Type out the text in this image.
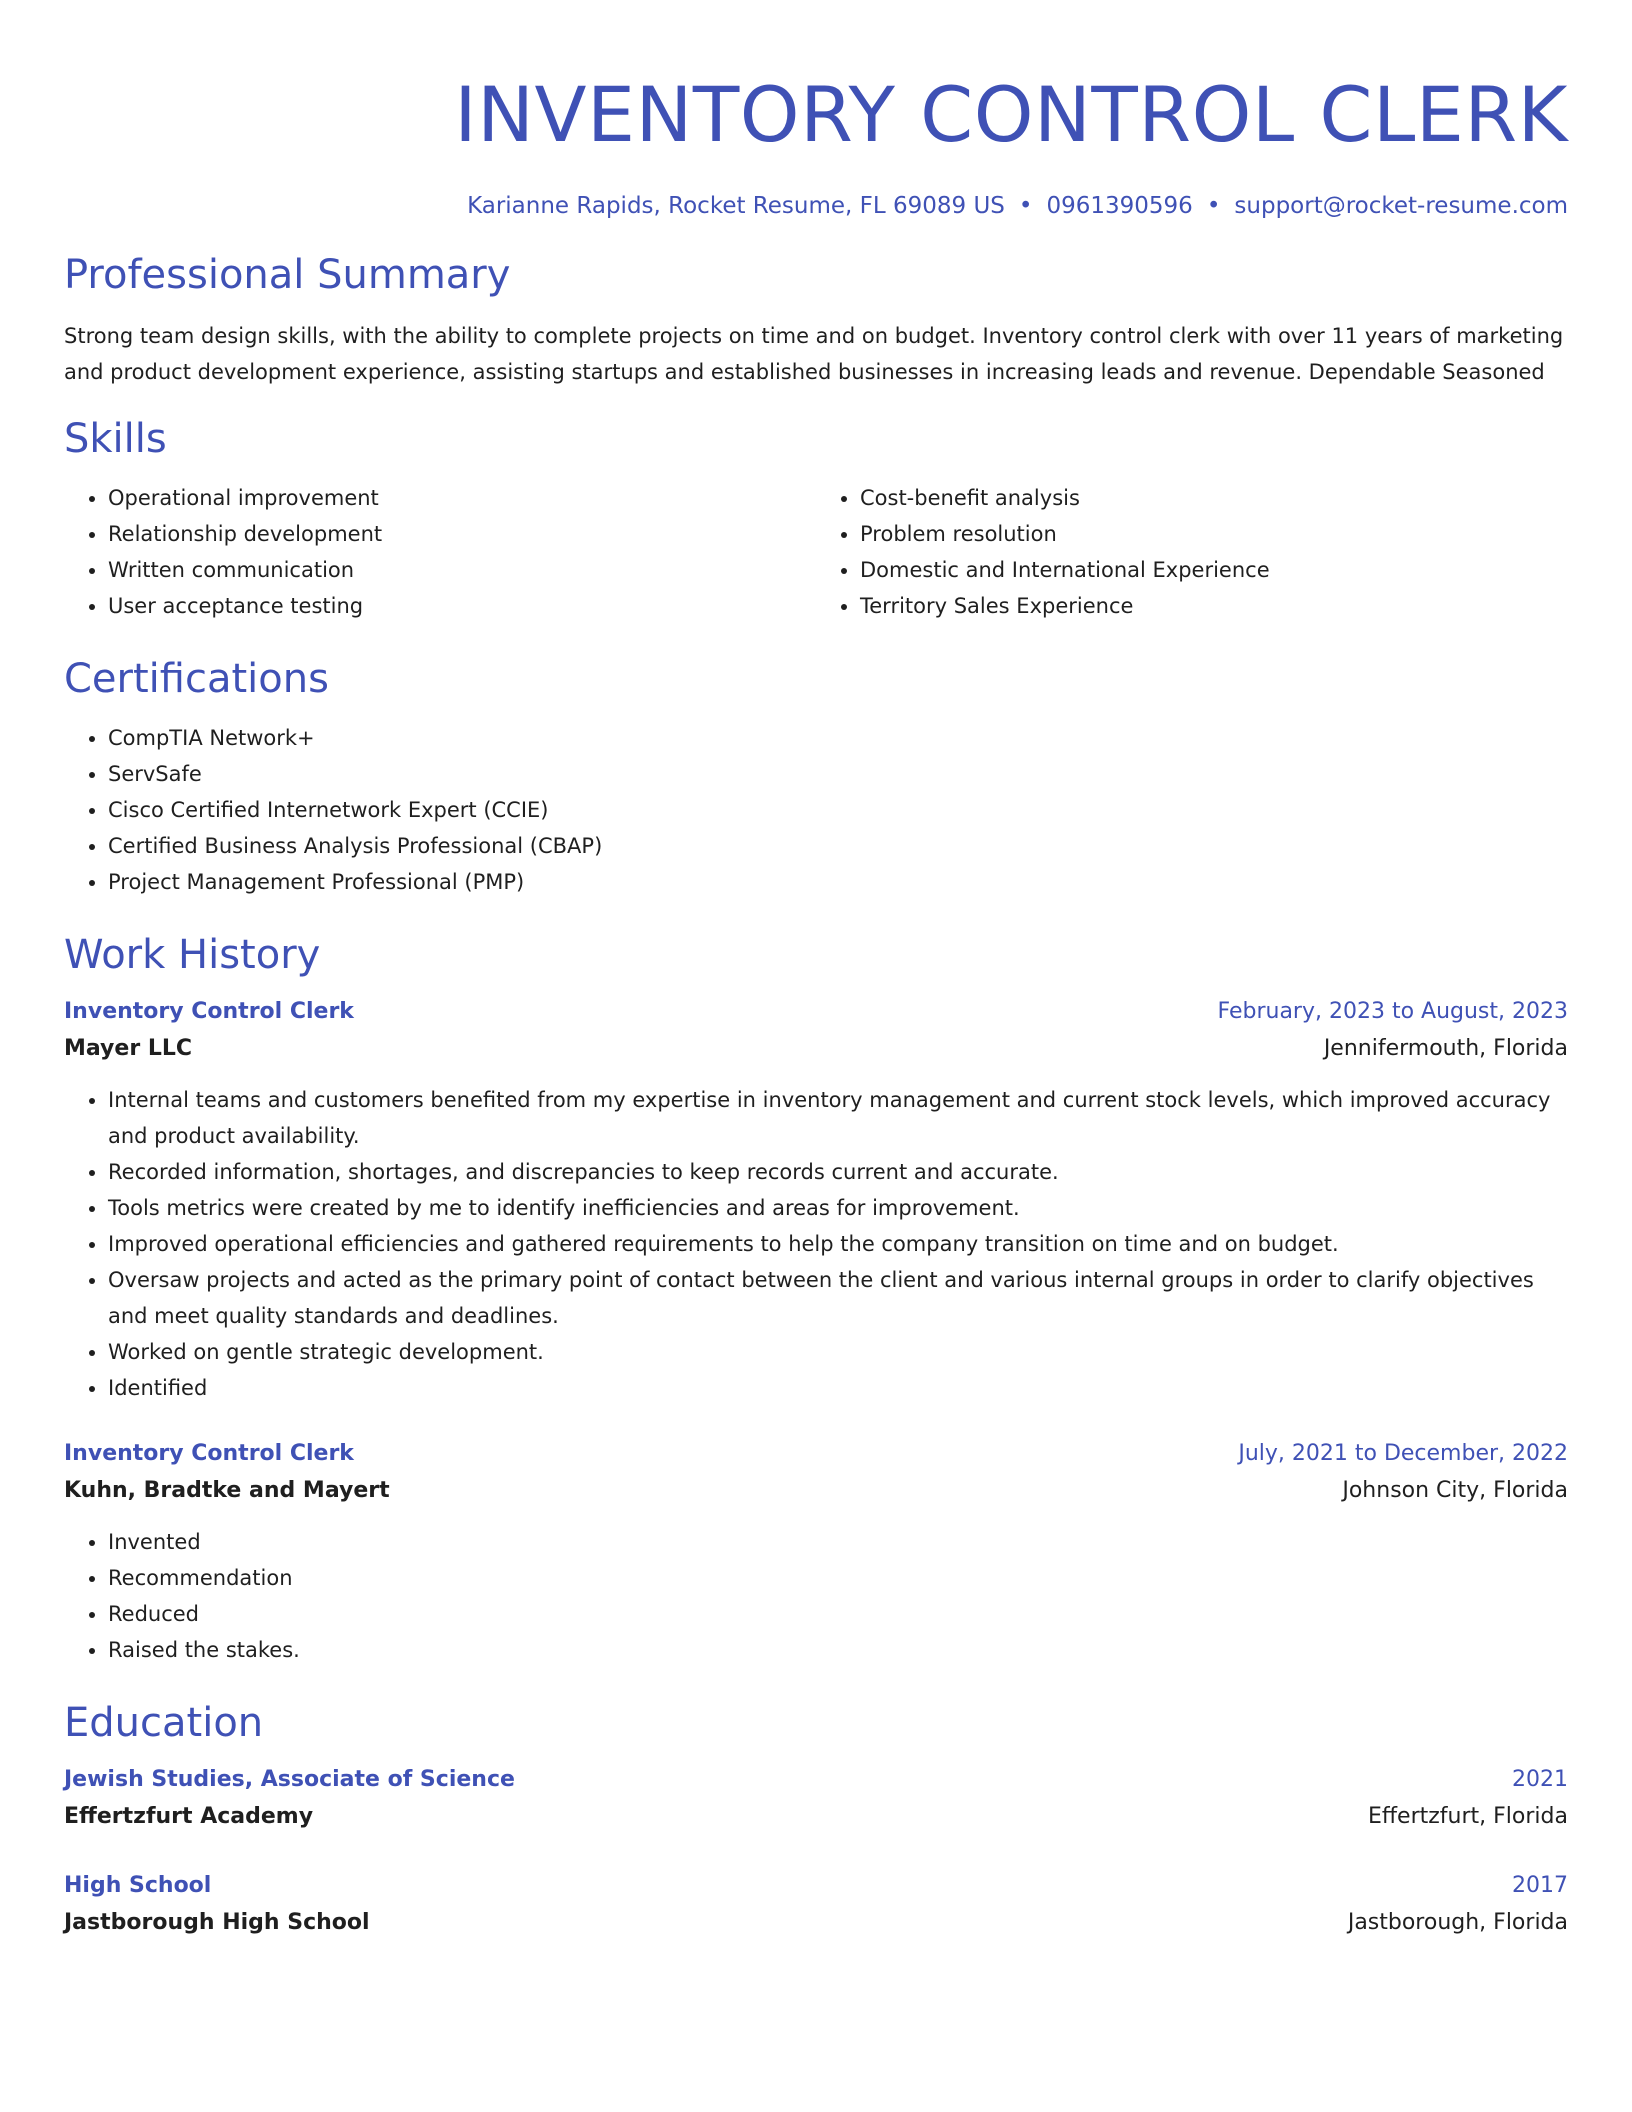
INVENTORY CONTROL CLERK
Karianne Rapids, Rocket Resume, FL 69089 US • 0961390596 • support@rocket-resume.com
Professional Summary

Strong team design skills, with the ability to complete projects on time and on budget. Inventory control clerk with over 11 years of marketing and product development experience, assisting startups and established businesses in increasing leads and revenue. Dependable Seasoned

Skills
• Operational improvement
• Relationship development
• Written communication
• User acceptance testing
• Cost-benefit analysis
• Problem resolution
• Domestic and International Experience
• Territory Sales Experience
Certifications
• CompTIA Network+
• ServSafe
• Cisco Certified Internetwork Expert (CCIE)
• Certified Business Analysis Professional (CBAP)
• Project Management Professional (PMP)
Work History
Inventory Control Clerk	February, 2023 to August, 2023
Mayer LLC	Jennifermouth, Florida
• Internal teams and customers benefited from my expertise in inventory management and current stock levels, which improved accuracy and product availability.
• Recorded information, shortages, and discrepancies to keep records current and accurate.
• Tools metrics were created by me to identify inefficiencies and areas for improvement.
• Improved operational efficiencies and gathered requirements to help the company transition on time and on budget.
• Oversaw projects and acted as the primary point of contact between the client and various internal groups in order to clarify objectives and meet quality standards and deadlines.
• Worked on gentle strategic development.
• Identified
Inventory Control Clerk	July, 2021 to December, 2022
Kuhn, Bradtke and Mayert	Johnson City, Florida
• Invented
• Recommendation
• Reduced
• Raised the stakes.
Education
Jewish Studies, Associate of Science	2021
Effertzfurt Academy	Effertzfurt, Florida
High School	2017
Jastborough High School	Jastborough, Florida
